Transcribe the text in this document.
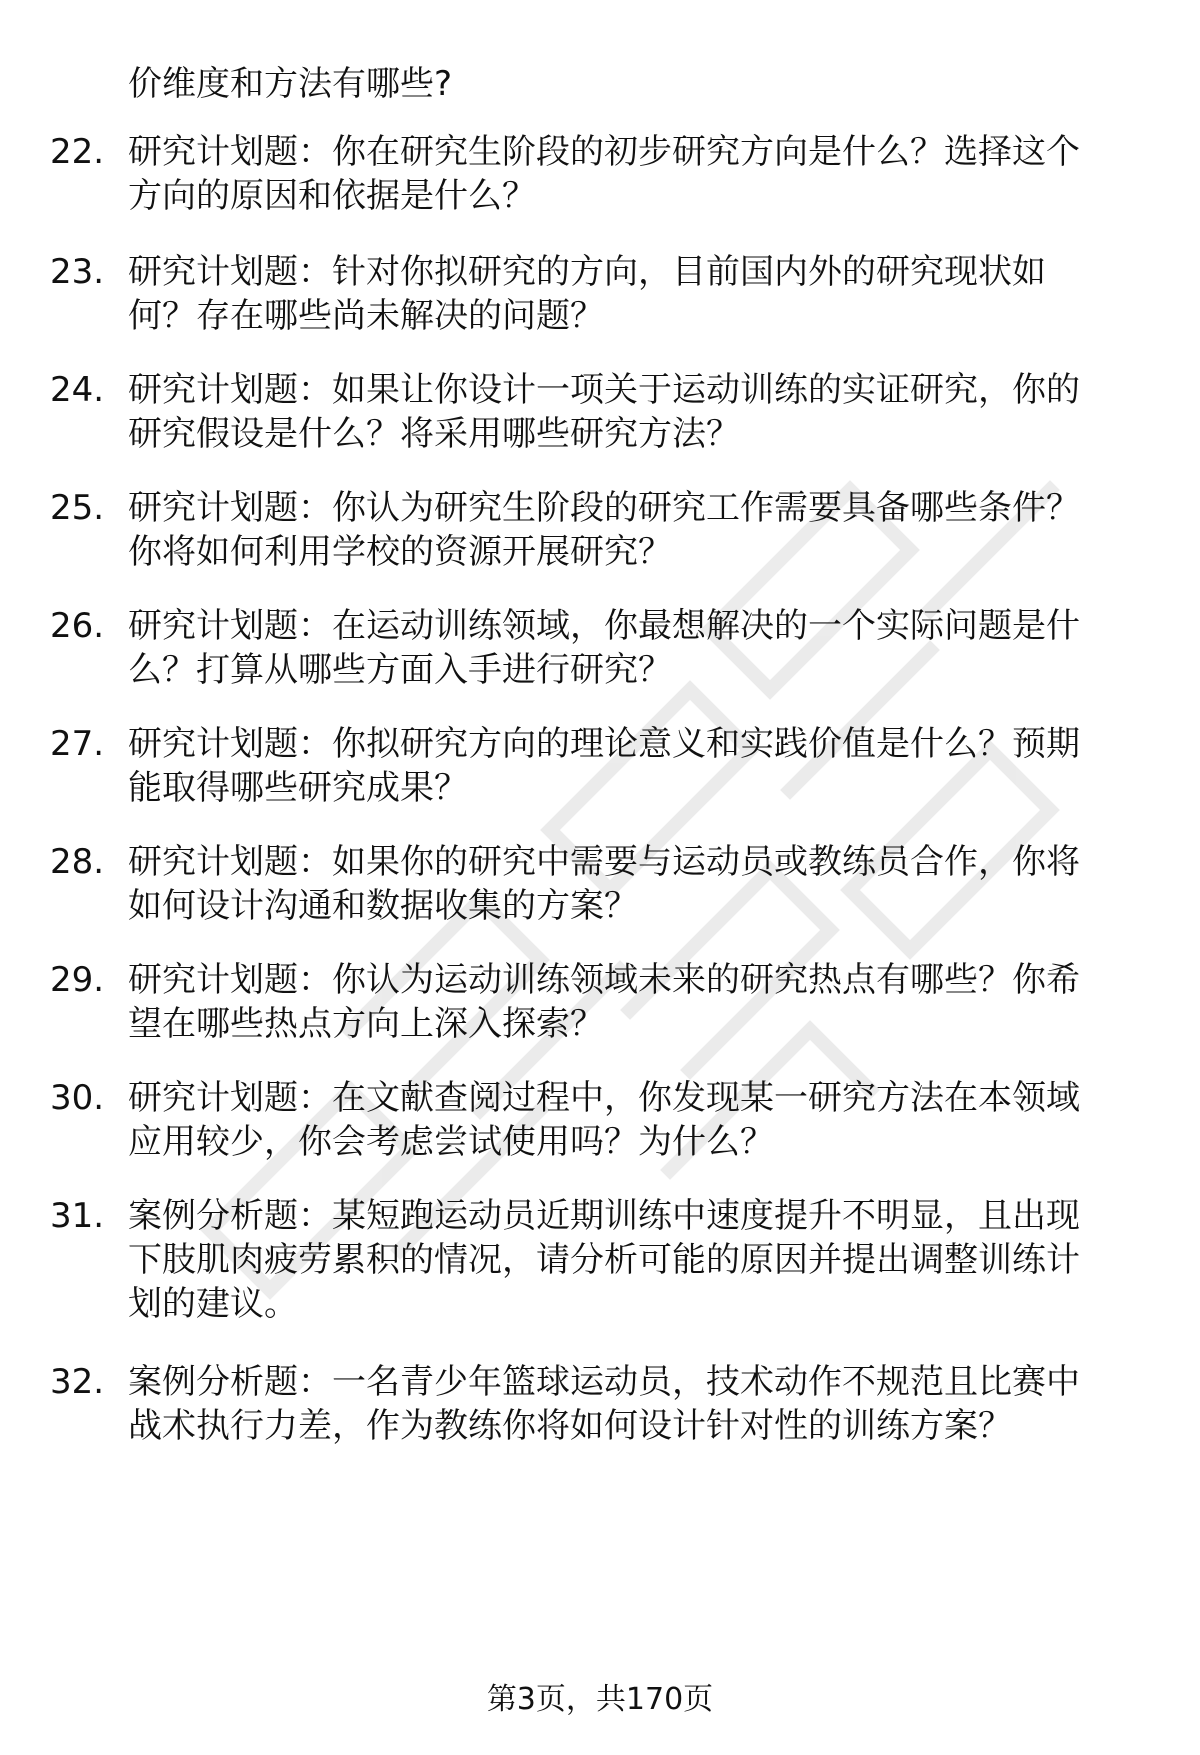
价维度和方法有哪些?
22. 研究计划题：你在研究生阶段的初步研究方向是什么？选择这个
方向的原因和依据是什么？
23. 研究计划题：针对你拟研究的方向，目前国内外的研究现状如
何？存在哪些尚未解决的问题？
24. 研究计划题：如果让你设计一项关于运动训练的实证研究，你的
研究假设是什么？将采用哪些研究方法？
25. 研究计划题：你认为研究生阶段的研究工作需要具备哪些条件？
你将如何利用学校的资源开展研究？
26. 研究计划题：在运动训练领域，你最想解决的一个实际问题是什
么？打算从哪些方面入手进行研究？
27. 研究计划题：你拟研究方向的理论意义和实践价值是什么？预期
能取得哪些研究成果？
28. 研究计划题：如果你的研究中需要与运动员或教练员合作，你将
如何设计沟通和数据收集的方案？
29. 研究计划题：你认为运动训练领域未来的研究热点有哪些？你希
望在哪些热点方向上深入探索？
30. 研究计划题：在文献查阅过程中，你发现某一研究方法在本领域
应用较少，你会考虑尝试使用吗？为什么？
31. 案例分析题：某短跑运动员近期训练中速度提升不明显，且出现
下肢肌肉疲劳累积的情况，请分析可能的原因并提出调整训练计
划的建议。
32. 案例分析题：一名青少年篮球运动员，技术动作不规范且比赛中
战术执行力差，作为教练你将如何设计针对性的训练方案？
第3页，共170页
